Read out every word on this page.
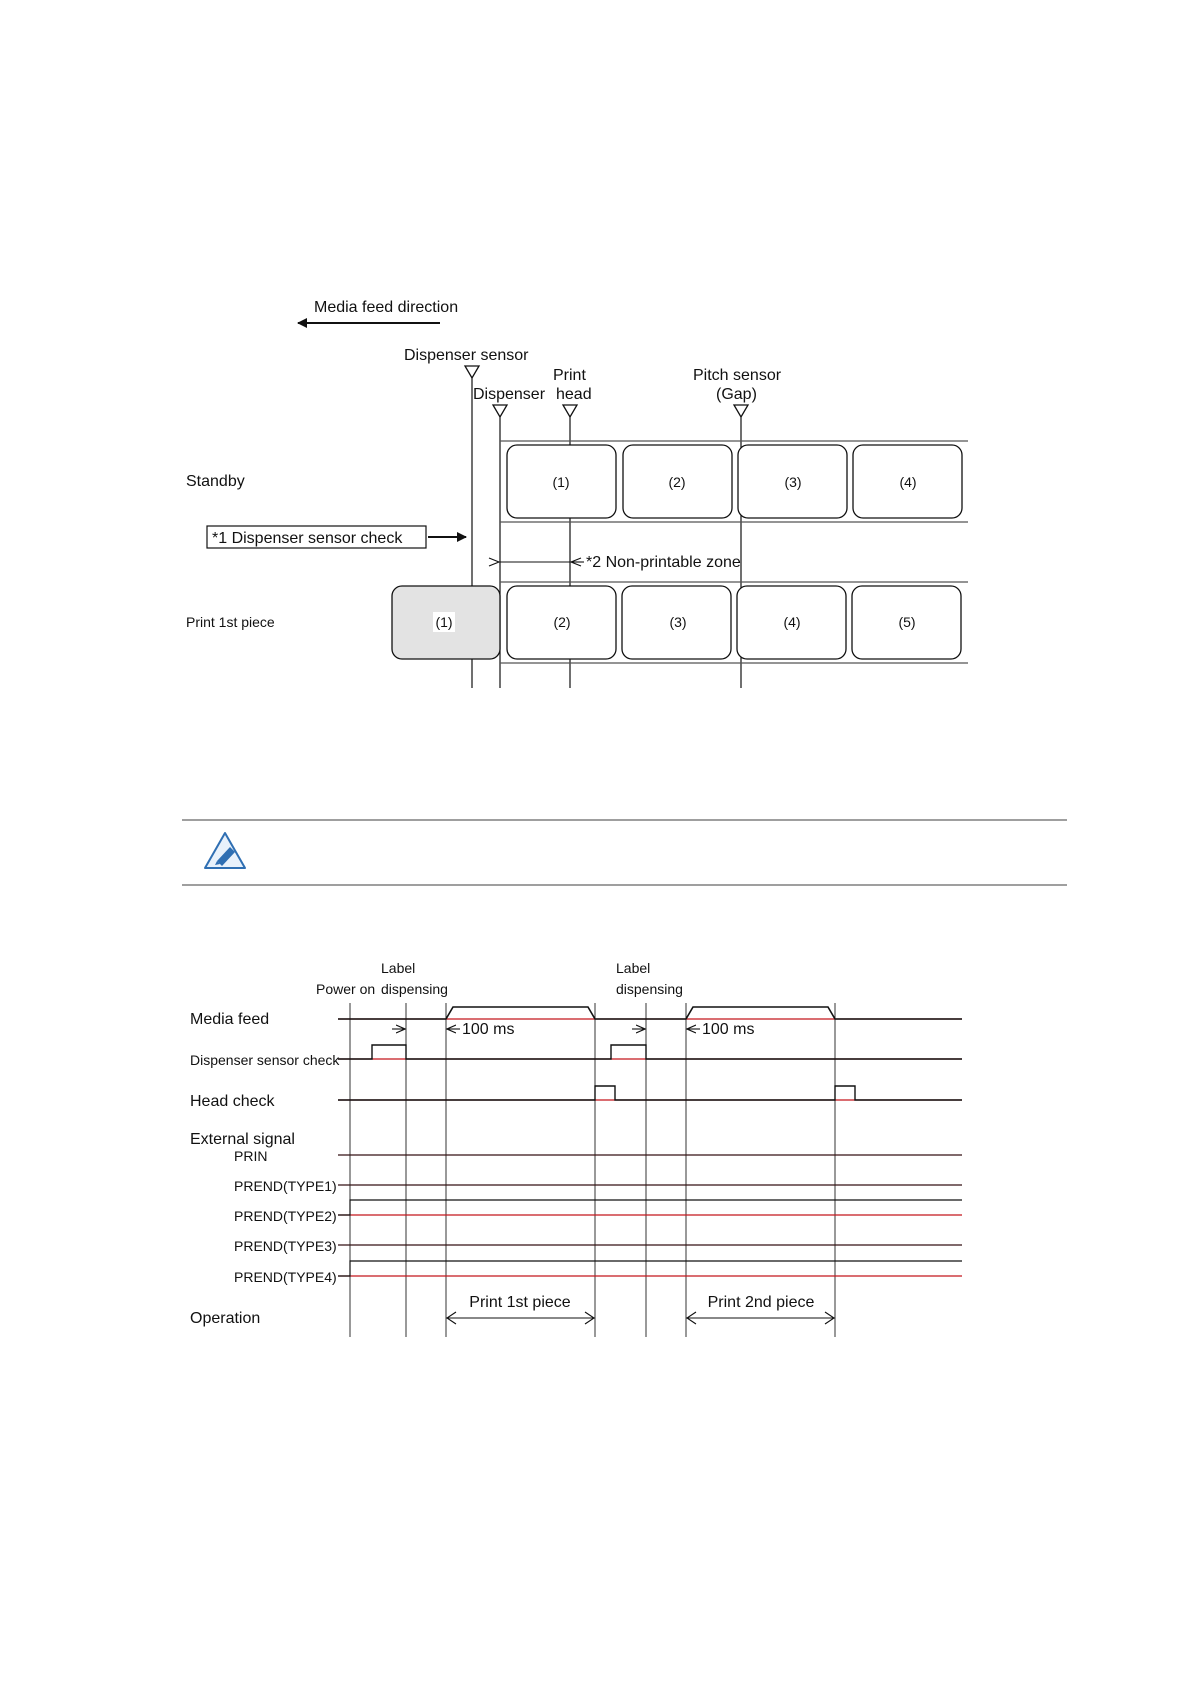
Media feed direction
Dispenser sensor
Print
Dispenser head
Pitch sensor
(Gap)
Standby	(1)	(2)	(3)	(4)
*1 Dispenser sensor check
*2 Non-printable zone
Print 1st piece	(1)	(2)	(3)	(4)	(5)
Power on
Label
dispensing
Label
dispensing
Media feed
Dispenser sensor check
Head check
External signal
PRIN
PREND(TYPE1)
PREND(TYPE2)
PREND(TYPE3)
PREND(TYPE4)
Operation
100 ms	100 ms
Print 1st piece	Print 2nd piece
